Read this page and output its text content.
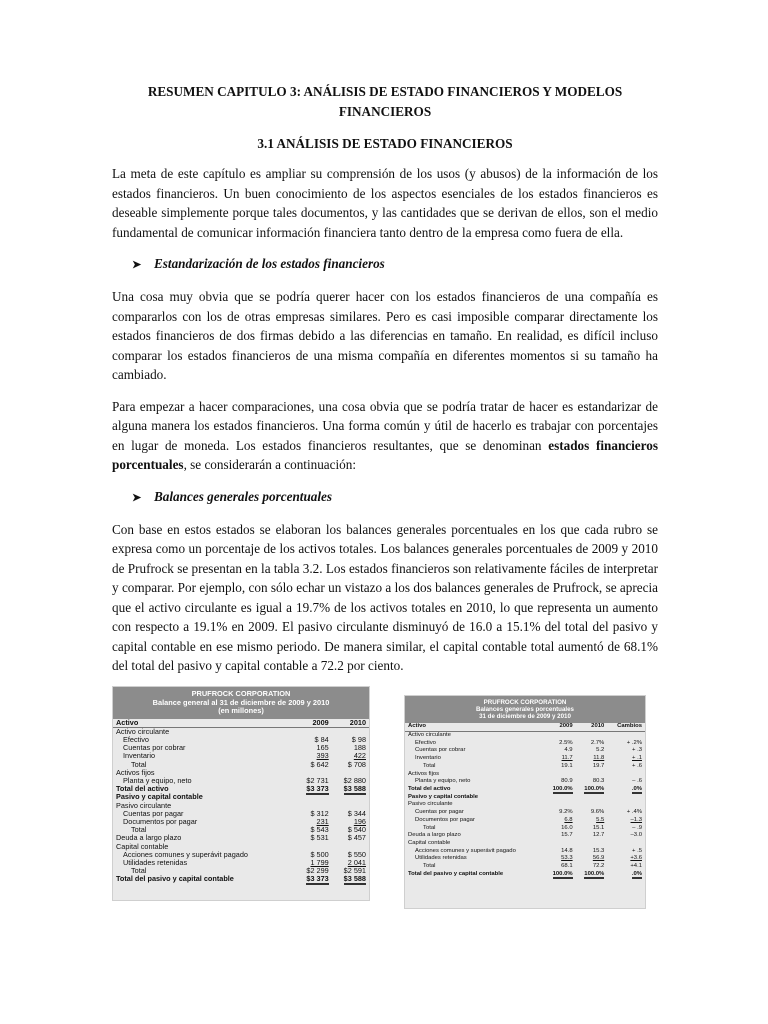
RESUMEN CAPITULO 3: ANÁLISIS DE ESTADO FINANCIEROS Y MODELOS
FINANCIEROS

3.1 ANÁLISIS DE ESTADO FINANCIEROS

La meta de este capítulo es ampliar su comprensión de los usos (y abusos) de la información de los estados financieros. Un buen conocimiento de los aspectos esenciales de los estados financieros es deseable simplemente porque tales documentos, y las cantidades que se derivan de ellos, son el medio fundamental de comunicar información financiera tanto dentro de la empresa como fuera de ella.

➤ Estandarización de los estados financieros

Una cosa muy obvia que se podría querer hacer con los estados financieros de una compañía es compararlos con los de otras empresas similares. Pero es casi imposible comparar directamente los estados financieros de dos firmas debido a las diferencias en tamaño. En realidad, es difícil incluso comparar los estados financieros de una misma compañía en diferentes momentos si su tamaño ha cambiado.

Para empezar a hacer comparaciones, una cosa obvia que se podría tratar de hacer es estandarizar de alguna manera los estados financieros. Una forma común y útil de hacerlo es trabajar con porcentajes en lugar de moneda. Los estados financieros resultantes, que se denominan estados financieros porcentuales, se considerarán a continuación:

➤ Balances generales porcentuales

Con base en estos estados se elaboran los balances generales porcentuales en los que cada rubro se expresa como un porcentaje de los activos totales. Los balances generales porcentuales de 2009 y 2010 de Prufrock se presentan en la tabla 3.2. Los estados financieros son relativamente fáciles de interpretar y comparar. Por ejemplo, con sólo echar un vistazo a los dos balances generales de Prufrock, se aprecia que el activo circulante es igual a 19.7% de los activos totales en 2010, lo que representa un aumento con respecto a 19.1% en 2009. El pasivo circulante disminuyó de 16.0 a 15.1% del total del pasivo y capital contable en ese mismo periodo. De manera similar, el capital contable total aumentó de 68.1% del total del pasivo y capital contable a 72.2 por ciento.

PRUFROCK CORPORATION
Balance general al 31 de diciembre de 2009 y 2010
(en millones)
Activo	2009	2010
Activo circulante		
Efectivo	$ 84	$ 98
Cuentas por cobrar	165	188
Inventario	393	422
Total	$ 642	$ 708
Activos fijos		
Planta y equipo, neto	$2 731	$2 880
Total del activo	$3 373	$3 588
Pasivo y capital contable		
Pasivo circulante		
Cuentas por pagar	$ 312	$ 344
Documentos por pagar	231	196
Total	$ 543	$ 540
Deuda a largo plazo	$ 531	$ 457
Capital contable		
Acciones comunes y superávit pagado	$ 500	$ 550
Utilidades retenidas	1 799	2 041
Total	$2 299	$2 591
Total del pasivo y capital contable	$3 373	$3 588
PRUFROCK CORPORATION
Balances generales porcentuales
31 de diciembre de 2009 y 2010
Activo	2009	2010	Cambios
Activo circulante			
Efectivo	2.5%	2.7%	+ .2%
Cuentas por cobrar	4.9	5.2	+ .3
Inventario	11.7	11.8	+ .1
Total	19.1	19.7	+ .6
Activos fijos			
Planta y equipo, neto	80.9	80.3	– .6
Total del activo	100.0%	100.0%	.0%
Pasivo y capital contable			
Pasivo circulante			
Cuentas por pagar	9.2%	9.6%	+ .4%
Documentos por pagar	6.8	5.5	–1.3
Total	16.0	15.1	– .9
Deuda a largo plazo	15.7	12.7	–3.0
Capital contable			
Acciones comunes y superávit pagado	14.8	15.3	+ .5
Utilidades retenidas	53.3	56.9	+3.6
Total	68.1	72.2	+4.1
Total del pasivo y capital contable	100.0%	100.0%	.0%
